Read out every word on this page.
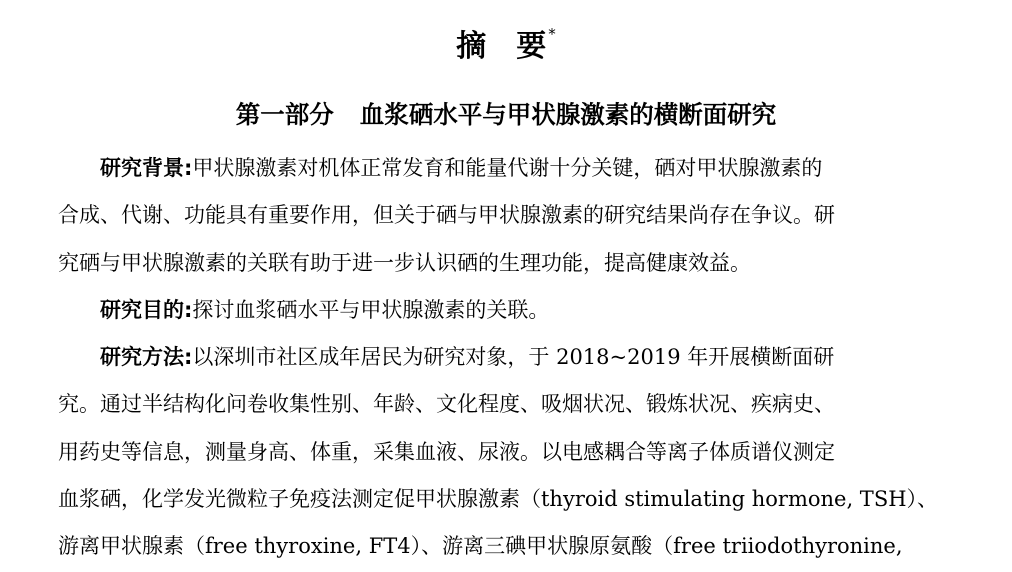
摘 要 *
第一部分 血浆硒水平与甲状腺激素的横断面研究
研究背景:甲状腺激素对机体正常发育和能量代谢十分关键，硒对甲状腺激素的
合成、代谢、功能具有重要作用，但关于硒与甲状腺激素的研究结果尚存在争议。研
究硒与甲状腺激素的关联有助于进一步认识硒的生理功能，提高健康效益。
研究目的:探讨血浆硒水平与甲状腺激素的关联。
研究方法:以深圳市社区成年居民为研究对象，于 2018~2019 年开展横断面研
究。通过半结构化问卷收集性别、年龄、文化程度、吸烟状况、锻炼状况、疾病史、
用药史等信息，测量身高、体重，采集血液、尿液。以电感耦合等离子体质谱仪测定
血浆硒，化学发光微粒子免疫法测定促甲状腺激素（thyroid stimulating hormone, TSH）、
游离甲状腺素（free thyroxine, FT4）、游离三碘甲状腺原氨酸（free triiodothyronine,
